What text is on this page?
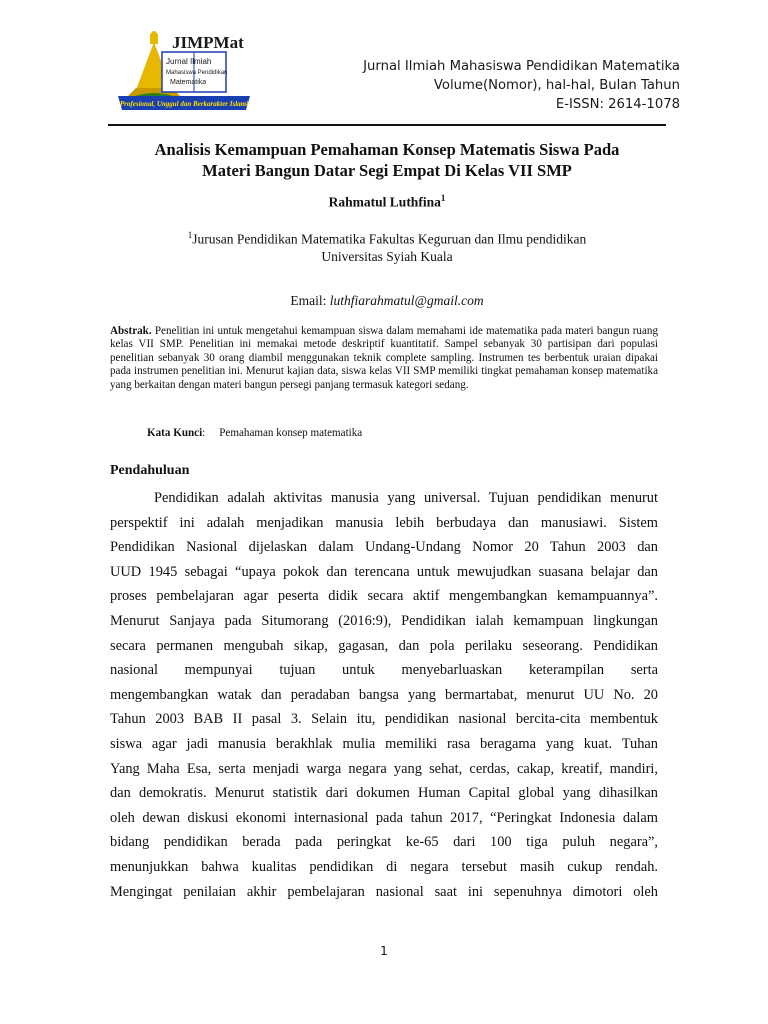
Jurnal Ilmiah
Mahasiswa Pendidikan
Matematika
JIMPMat
Profesional, Unggul dan Berkarakter Islami
Jurnal Ilmiah Mahasiswa Pendidikan Matematika
Volume(Nomor), hal-hal, Bulan Tahun
E-ISSN: 2614-1078
Analisis Kemampuan Pemahaman Konsep Matematis Siswa Pada
Materi Bangun Datar Segi Empat Di Kelas VII SMP
Rahmatul Luthfina$^1$
$^1$Jurusan Pendidikan Matematika Fakultas Keguruan dan Ilmu pendidikan
Universitas Syiah Kuala
Email: luthfiarahmatul@gmail.com
Abstrak. Penelitian ini untuk mengetahui kemampuan siswa dalam memahami ide matematika pada materi bangun ruang kelas VII SMP. Penelitian ini memakai metode deskriptif kuantitatif. Sampel sebanyak 30 partisipan dari populasi penelitian sebanyak 30 orang diambil menggunakan teknik complete sampling. Instrumen tes berbentuk uraian dipakai pada instrumen penelitian ini. Menurut kajian data, siswa kelas VII SMP memiliki tingkat pemahaman konsep matematika yang berkaitan dengan materi bangun persegi panjang termasuk kategori sedang.
Kata Kunci: Pemahaman konsep matematika
Pendahuluan
Pendidikan adalah aktivitas manusia yang universal. Tujuan pendidikan menurut
perspektif ini adalah menjadikan manusia lebih berbudaya dan manusiawi. Sistem
Pendidikan Nasional dijelaskan dalam Undang-Undang Nomor 20 Tahun 2003 dan
UUD 1945 sebagai “upaya pokok dan terencana untuk mewujudkan suasana belajar dan
proses pembelajaran agar peserta didik secara aktif mengembangkan kemampuannya”.
Menurut Sanjaya pada Situmorang (2016:9), Pendidikan ialah kemampuan lingkungan
secara permanen mengubah sikap, gagasan, dan pola perilaku seseorang. Pendidikan
nasional mempunyai tujuan untuk menyebarluaskan keterampilan serta
mengembangkan watak dan peradaban bangsa yang bermartabat, menurut UU No. 20
Tahun 2003 BAB II pasal 3. Selain itu, pendidikan nasional bercita-cita membentuk
siswa agar jadi manusia berakhlak mulia memiliki rasa beragama yang kuat. Tuhan
Yang Maha Esa, serta menjadi warga negara yang sehat, cerdas, cakap, kreatif, mandiri,
dan demokratis. Menurut statistik dari dokumen Human Capital global yang dihasilkan
oleh dewan diskusi ekonomi internasional pada tahun 2017, “Peringkat Indonesia dalam
bidang pendidikan berada pada peringkat ke-65 dari 100 tiga puluh negara”,
menunjukkan bahwa kualitas pendidikan di negara tersebut masih cukup rendah.
Mengingat penilaian akhir pembelajaran nasional saat ini sepenuhnya dimotori oleh
1
